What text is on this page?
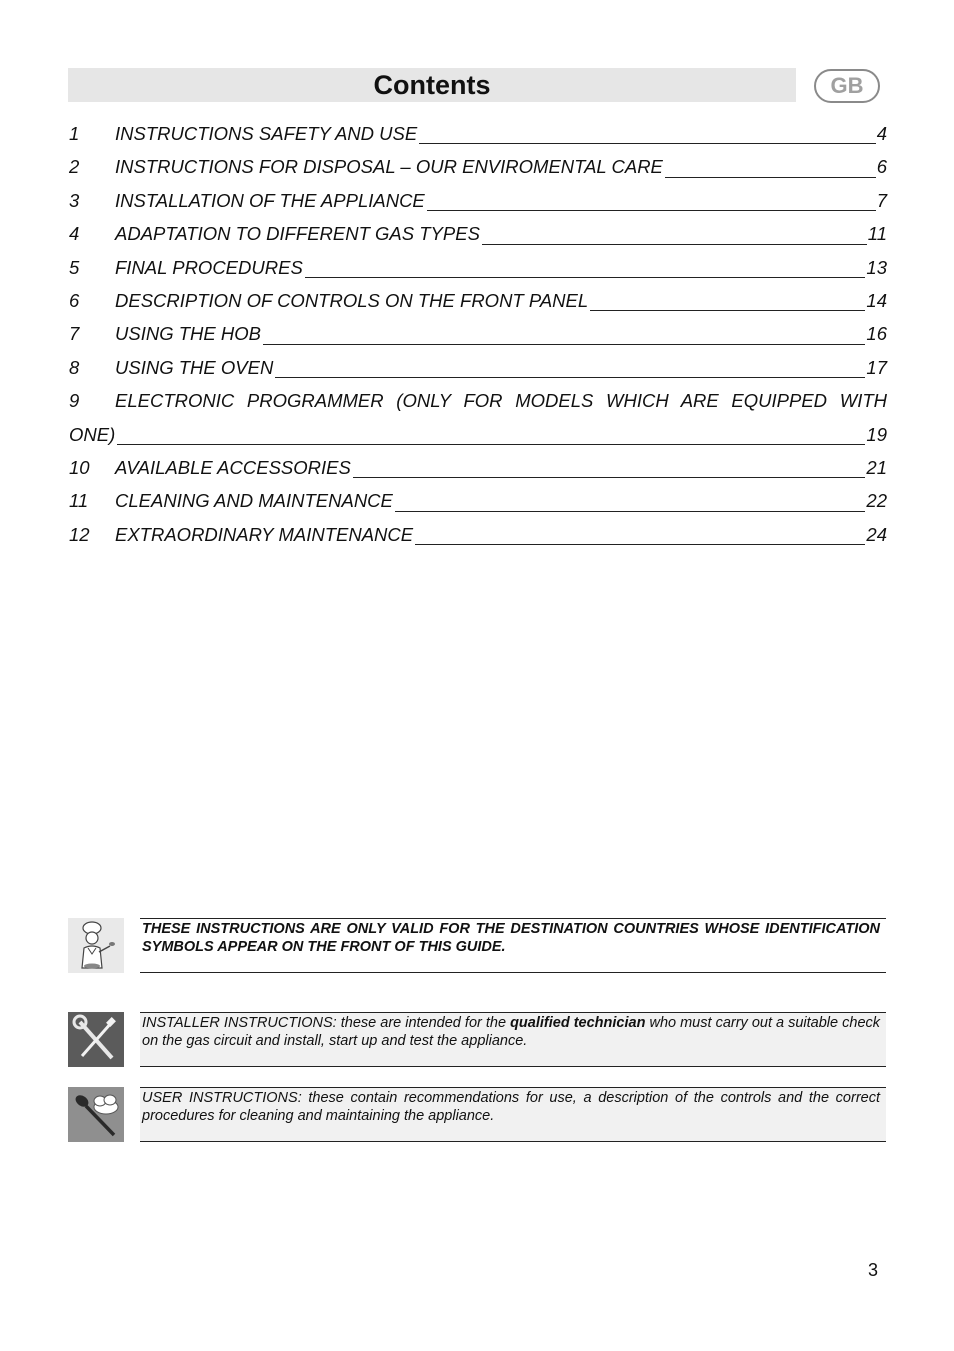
Contents	GB
1	INSTRUCTIONS SAFETY AND USE	4
2	INSTRUCTIONS FOR DISPOSAL – OUR ENVIROMENTAL CARE	6
3	INSTALLATION OF THE APPLIANCE	7
4	ADAPTATION TO DIFFERENT GAS TYPES	11
5	FINAL PROCEDURES	13
6	DESCRIPTION OF CONTROLS ON THE FRONT PANEL	14
7	USING THE HOB	16
8	USING THE OVEN	17
9	ELECTRONIC PROGRAMMER (ONLY FOR MODELS WHICH ARE EQUIPPED WITH
ONE)	19
10	AVAILABLE ACCESSORIES	21
11	CLEANING AND MAINTENANCE	22
12	EXTRAORDINARY MAINTENANCE	24
THESE INSTRUCTIONS ARE ONLY VALID FOR THE DESTINATION COUNTRIES WHOSE IDENTIFICATION SYMBOLS APPEAR ON THE FRONT OF THIS GUIDE.
INSTALLER INSTRUCTIONS: these are intended for the qualified technician who must carry out a suitable check on the gas circuit and install, start up and test the appliance.
USER INSTRUCTIONS: these contain recommendations for use, a description of the controls and the correct procedures for cleaning and maintaining the appliance.
3
